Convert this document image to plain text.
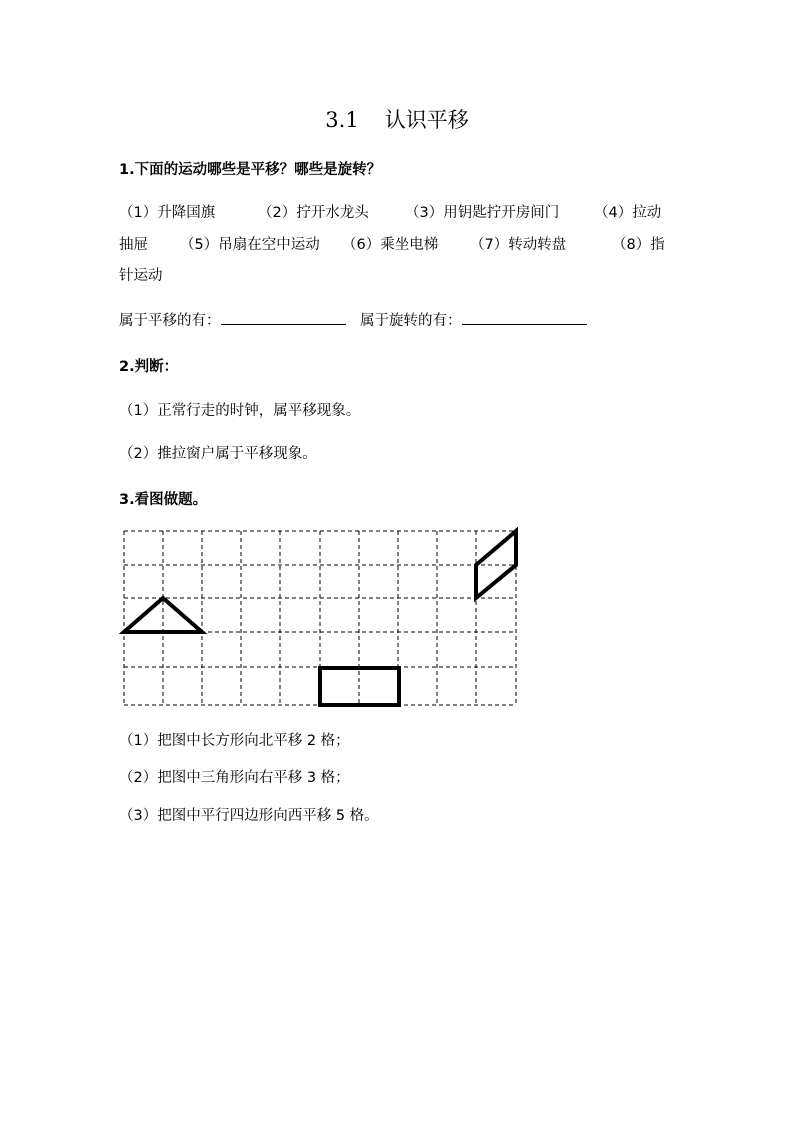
3.1 认识平移
1.下面的运动哪些是平移？哪些是旋转？
（1）升降国旗	（2）拧开水龙头	（3）用钥匙拧开房间门 （4）拉动
抽屉 （5）吊扇在空中运动 （6）乘坐电梯 （7）转动转盘	（8）指
针运动
属于平移的有：	属于旋转的有：
2.判断：
（1）正常行走的时钟，属平移现象。
（2）推拉窗户属于平移现象。
3.看图做题。
（1）把图中长方形向北平移 2 格；
（2）把图中三角形向右平移 3 格；
（3）把图中平行四边形向西平移 5 格。
